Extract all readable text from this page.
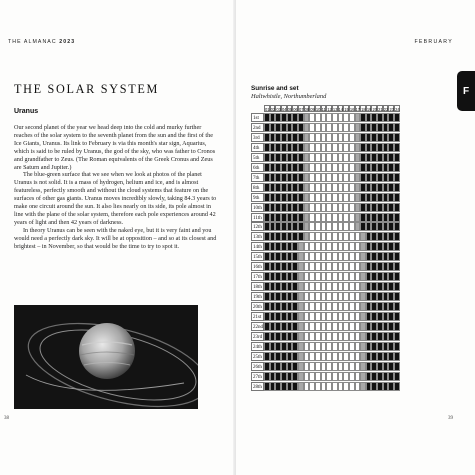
THE ALMANAC 2023
THE SOLAR SYSTEM
Uranus

Our second planet of the year we head deep into the cold and murky further reaches of the solar system to the seventh planet from the sun and the first of the Ice Giants, Uranus. Its link to February is via this month's star sign, Aquarius, which is said to be ruled by Uranus, the god of the sky, who was father to Cronos and grandfather to Zeus. (The Roman equivalents of the Greek Cronus and Zeus are Saturn and Jupiter.)

The blue-green surface that we see when we look at photos of the planet Uranus is not solid. It is a mass of hydrogen, helium and ice, and is almost featureless, perfectly smooth and without the cloud systems that feature on the surfaces of other gas giants. Uranus moves incredibly slowly, taking 84.3 years to make one circuit around the sun. It also lies nearly on its side, its pole almost in line with the plane of the solar system, therefore each pole experiences around 42 years of light and then 42 years of darkness.

In theory Uranus can be seen with the naked eye, but it is very faint and you would need a perfectly dark sky. It will be at opposition – and so at its closest and brightest – in November, so that would be the time to try to spot it.

38
FEBRUARY
F
Sunrise and set
Haltwhistle, Northumberland
01 02 03 04 05 06 07 08 09 10 11 12 13 14 15 16 17 18 19 20 21 22 23 24
1st
2nd
3rd
4th
5th
6th
7th
8th
9th
10th
11th
12th
13th
14th
15th
16th
17th
18th
19th
20th
21st
22nd
23rd
24th
25th
26th
27th
28th
39
